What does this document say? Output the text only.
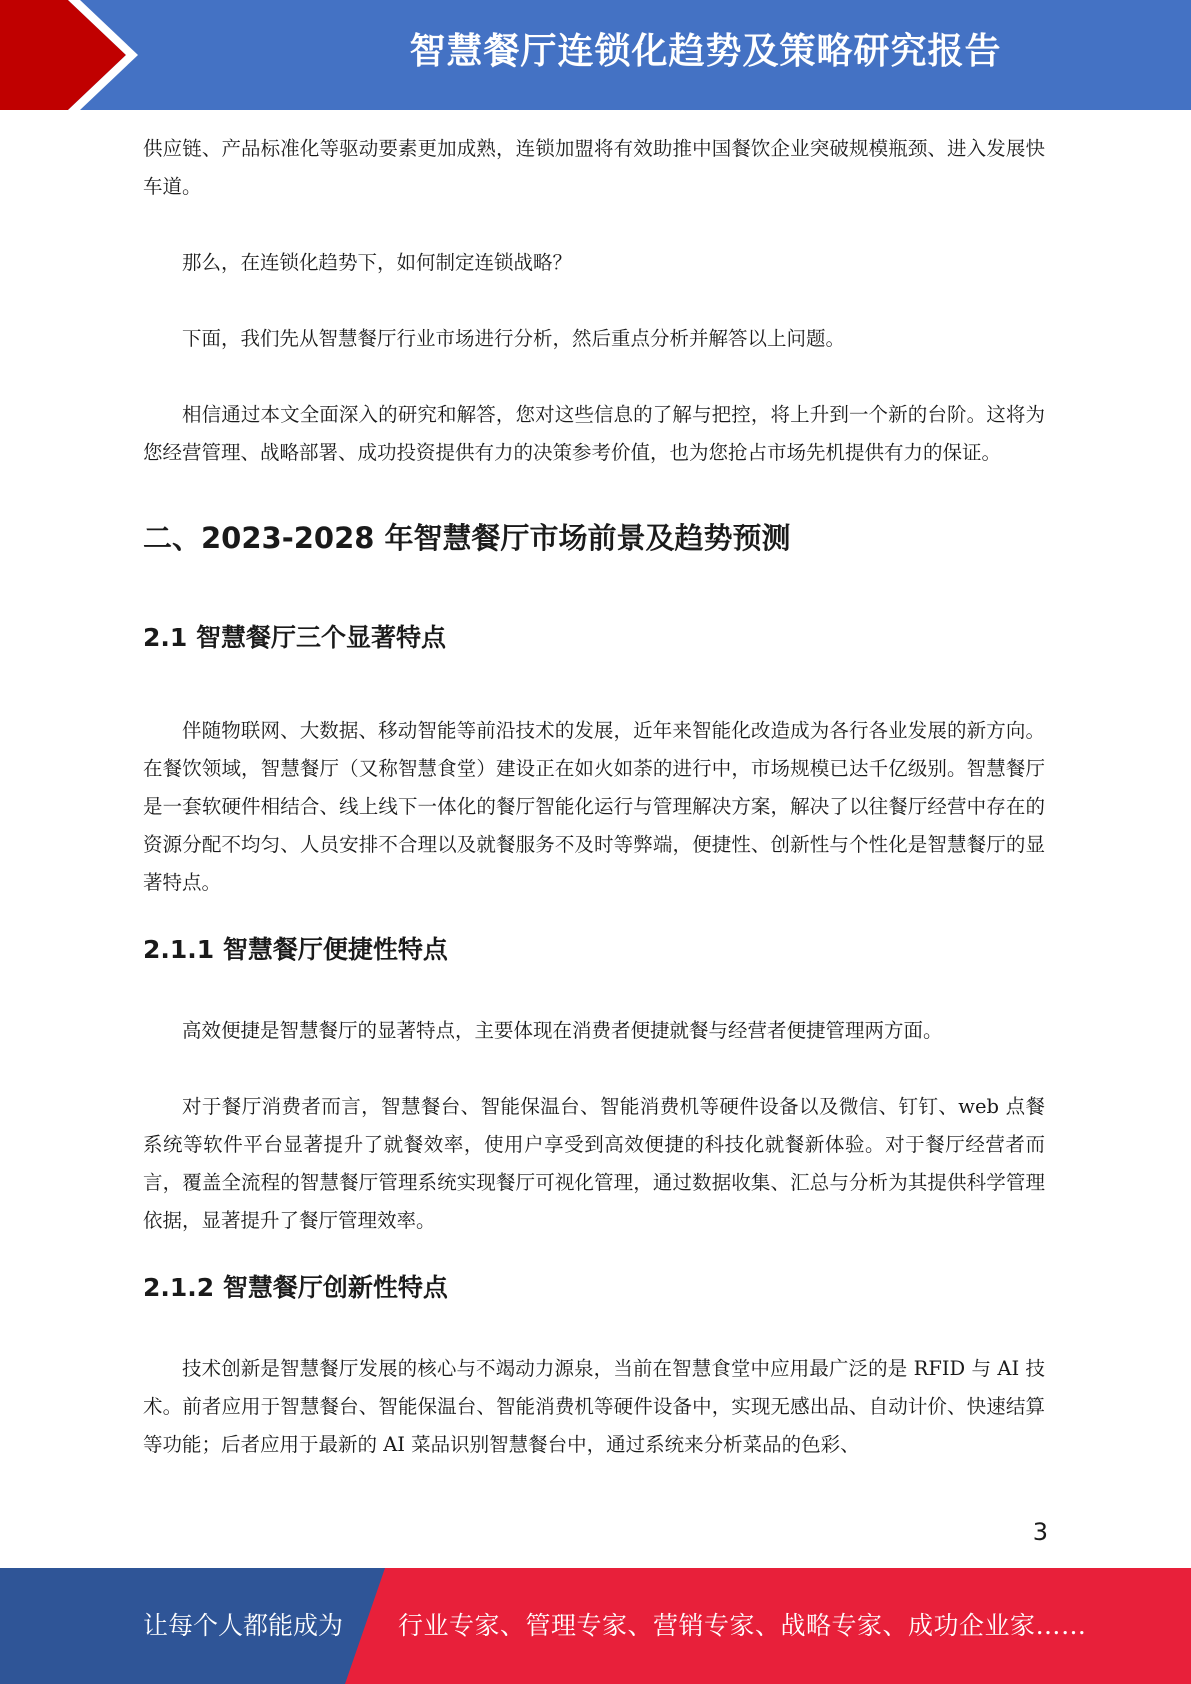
智慧餐厅连锁化趋势及策略研究报告

供应链、产品标准化等驱动要素更加成熟，连锁加盟将有效助推中国餐饮企业突破规模瓶颈、进入发展快车道。

那么，在连锁化趋势下，如何制定连锁战略？

下面，我们先从智慧餐厅行业市场进行分析，然后重点分析并解答以上问题。

相信通过本文全面深入的研究和解答，您对这些信息的了解与把控，将上升到一个新的台阶。这将为您经营管理、战略部署、成功投资提供有力的决策参考价值，也为您抢占市场先机提供有力的保证。

二、2023-2028 年智慧餐厅市场前景及趋势预测
2.1 智慧餐厅三个显著特点

伴随物联网、大数据、移动智能等前沿技术的发展，近年来智能化改造成为各行各业发展的新方向。在餐饮领域，智慧餐厅（又称智慧食堂）建设正在如火如荼的进行中，市场规模已达千亿级别。智慧餐厅是一套软硬件相结合、线上线下一体化的餐厅智能化运行与管理解决方案，解决了以往餐厅经营中存在的资源分配不均匀、人员安排不合理以及就餐服务不及时等弊端，便捷性、创新性与个性化是智慧餐厅的显著特点。

2.1.1 智慧餐厅便捷性特点

高效便捷是智慧餐厅的显著特点，主要体现在消费者便捷就餐与经营者便捷管理两方面。

对于餐厅消费者而言，智慧餐台、智能保温台、智能消费机等硬件设备以及微信、钉钉、web 点餐系统等软件平台显著提升了就餐效率，使用户享受到高效便捷的科技化就餐新体验。对于餐厅经营者而言，覆盖全流程的智慧餐厅管理系统实现餐厅可视化管理，通过数据收集、汇总与分析为其提供科学管理依据，显著提升了餐厅管理效率。

2.1.2 智慧餐厅创新性特点

技术创新是智慧餐厅发展的核心与不竭动力源泉，当前在智慧食堂中应用最广泛的是 RFID 与 AI 技术。前者应用于智慧餐台、智能保温台、智能消费机等硬件设备中，实现无感出品、自动计价、快速结算等功能；后者应用于最新的 AI 菜品识别智慧餐台中，通过系统来分析菜品的色彩、

3
让每个人都能成为 行业专家、管理专家、营销专家、战略专家、成功企业家……
